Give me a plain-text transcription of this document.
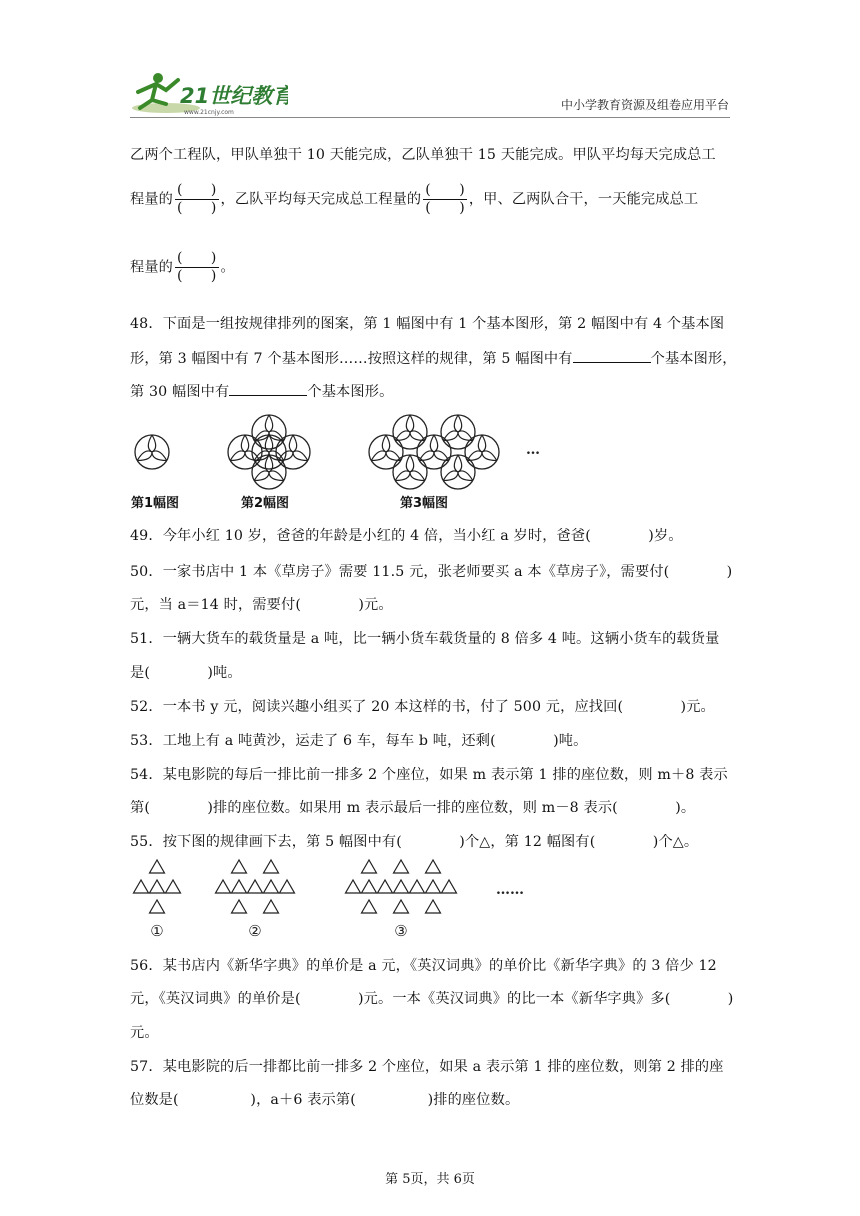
21世纪教育
www.21cnjy.com
中小学教育资源及组卷应用平台
乙两个工程队，甲队单独干 10 天能完成，乙队单独干 15 天能完成。甲队平均每天完成总工
程量的 $\frac{( )}{( )}$ ，乙队平均每天完成总工程量的 $\frac{( )}{( )}$ ，甲、乙两队合干，一天能完成总工
程量的 $\frac{( )}{( )}$ 。
48．下面是一组按规律排列的图案，第 1 幅图中有 1 个基本图形，第 2 幅图中有 4 个基本图
形，第 3 幅图中有 7 个基本图形……按照这样的规律，第 5 幅图中有	个基本图形，
第 30 幅图中有	个基本图形。
…
第1幅图	第2幅图	第3幅图
49．今年小红 10 岁，爸爸的年龄是小红的 4 倍，当小红 a 岁时，爸爸(　　　　)岁。
50．一家书店中 1 本《草房子》需要 11.5 元，张老师要买 a 本《草房子》，需要付(　　　　)
元，当 a＝14 时，需要付(　　　　)元。
51．一辆大货车的载货量是 a 吨，比一辆小货车载货量的 8 倍多 4 吨。这辆小货车的载货量
是(　　　　)吨。
52．一本书 y 元，阅读兴趣小组买了 20 本这样的书，付了 500 元，应找回(　　　　)元。
53．工地上有 a 吨黄沙，运走了 6 车，每车 b 吨，还剩(　　　　)吨。
54．某电影院的每后一排比前一排多 2 个座位，如果 m 表示第 1 排的座位数，则 m＋8 表示
第(　　　　)排的座位数。如果用 m 表示最后一排的座位数，则 m－8 表示(　　　　)。
55．按下图的规律画下去，第 5 幅图中有(　　　　)个△，第 12 幅图有(　　　　)个△。
……
①	②	③
56．某书店内《新华字典》的单价是 a 元，《英汉词典》的单价比《新华字典》的 3 倍少 12
元，《英汉词典》的单价是(　　　　)元。一本《英汉词典》的比一本《新华字典》多(　　　　)
元。
57．某电影院的后一排都比前一排多 2 个座位，如果 a 表示第 1 排的座位数，则第 2 排的座
位数是(　　　　　)，a＋6 表示第(　　　　　)排的座位数。
第 5页，共 6页
